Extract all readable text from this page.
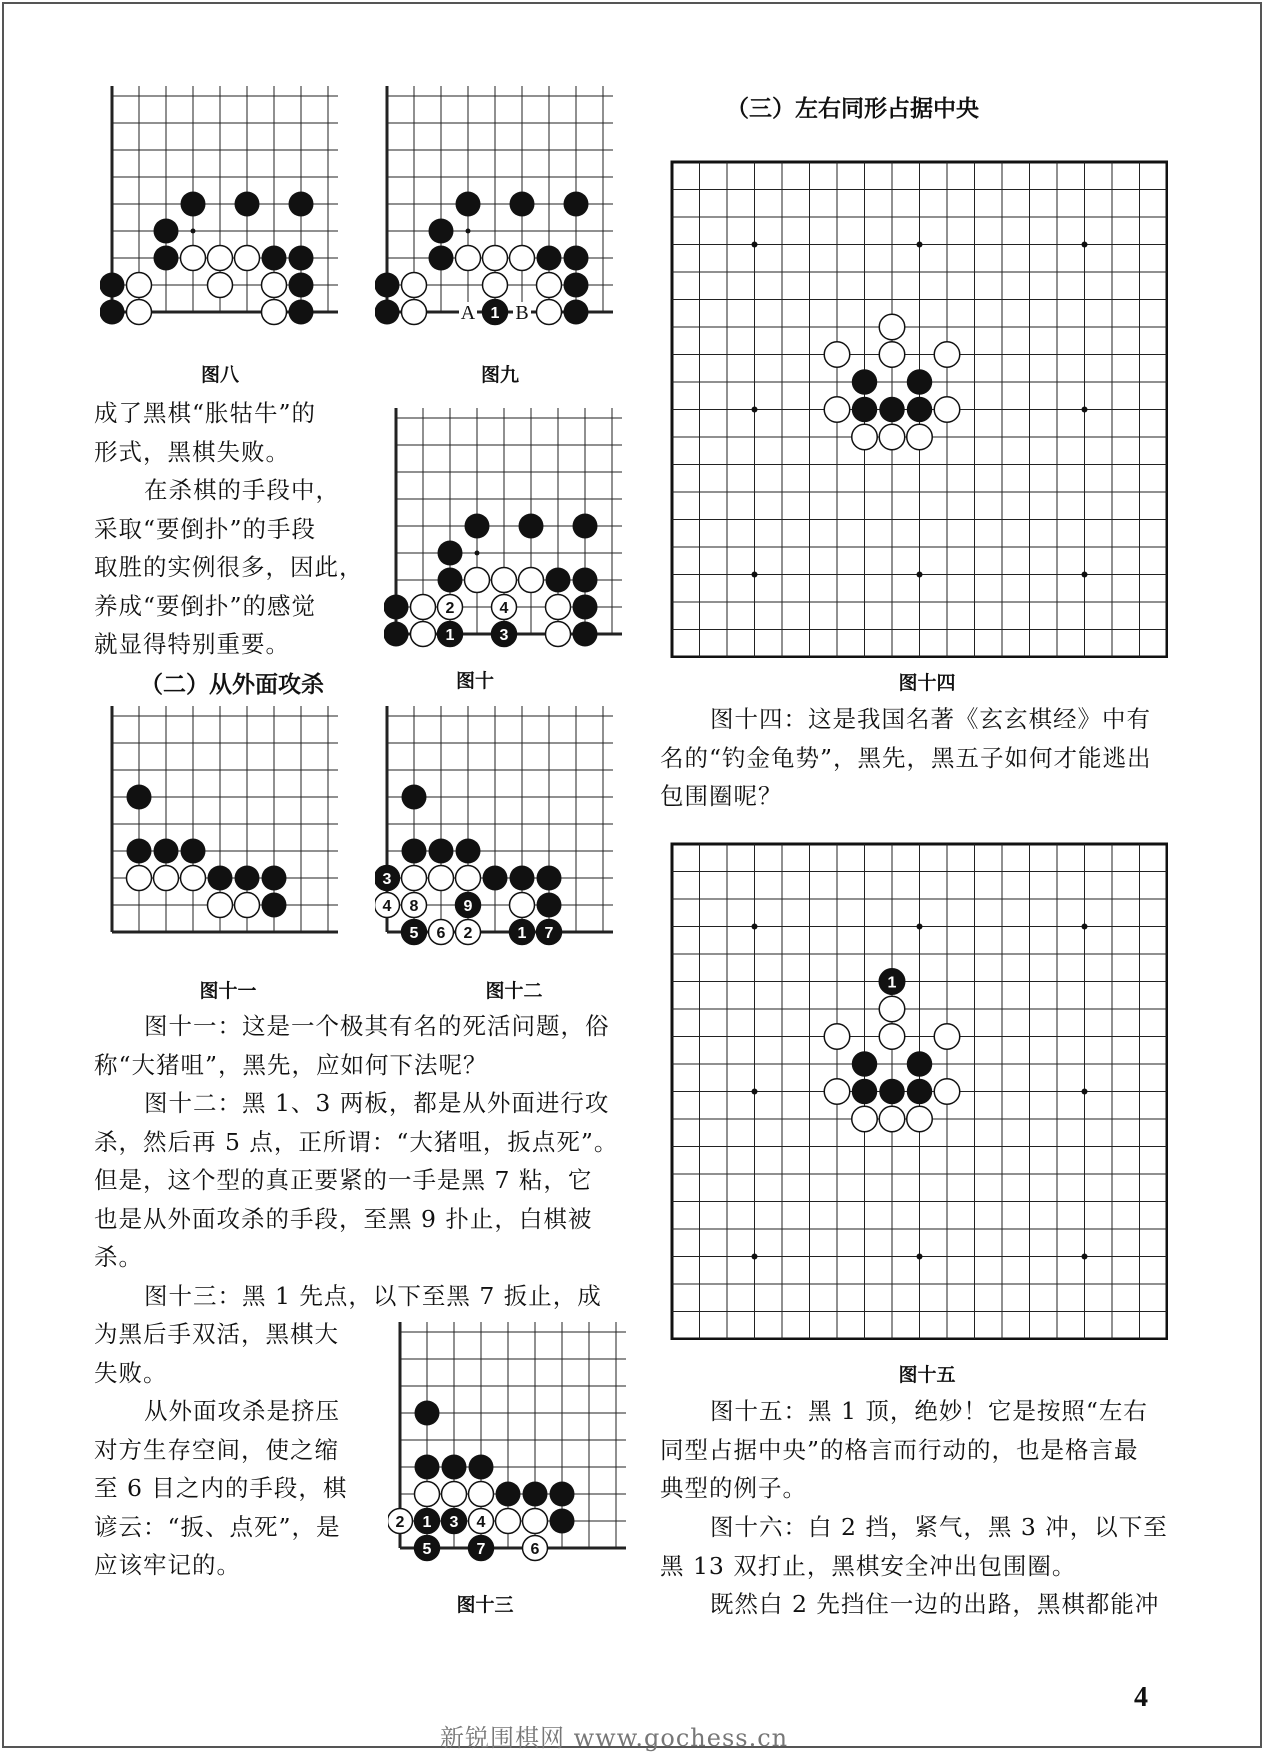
图八
1
A B
图九
2	4
1	3
图十
图十一
3
4 8	9
5 6 2	1 7
图十二
2 1 3 4
5	7	6
图十三
图十四
1
图十五
（三）左右同形占据中央
（二）从外面攻杀
成了黑棋“胀牯牛”的
形式，黑棋失败。
在杀棋的手段中，
采取“要倒扑”的手段
取胜的实例很多，因此，
养成“要倒扑”的感觉
就显得特别重要。
图十一：这是一个极其有名的死活问题，俗
称“大猪咀”，黑先，应如何下法呢？
图十二：黑 1、3 两板，都是从外面进行攻
杀，然后再 5 点，正所谓：“大猪咀，扳点死”。
但是，这个型的真正要紧的一手是黑 7 粘，它
也是从外面攻杀的手段，至黑 9 扑止，白棋被
杀。
图十三：黑 1 先点，以下至黑 7 扳止，成
为黑后手双活，黑棋大
失败。
从外面攻杀是挤压
对方生存空间，使之缩
至 6 目之内的手段，棋
谚云：“扳、点死”，是
应该牢记的。
图十四：这是我国名著《玄玄棋经》中有
名的“钓金龟势”，黑先，黑五子如何才能逃出
包围圈呢？
图十五：黑 1 顶，绝妙！它是按照“左右
同型占据中央”的格言而行动的，也是格言最
典型的例子。
图十六：白 2 挡，紧气，黑 3 冲，以下至
黑 13 双打止，黑棋安全冲出包围圈。
既然白 2 先挡住一边的出路，黑棋都能冲
4
新锐围棋网 www.gochess.cn
